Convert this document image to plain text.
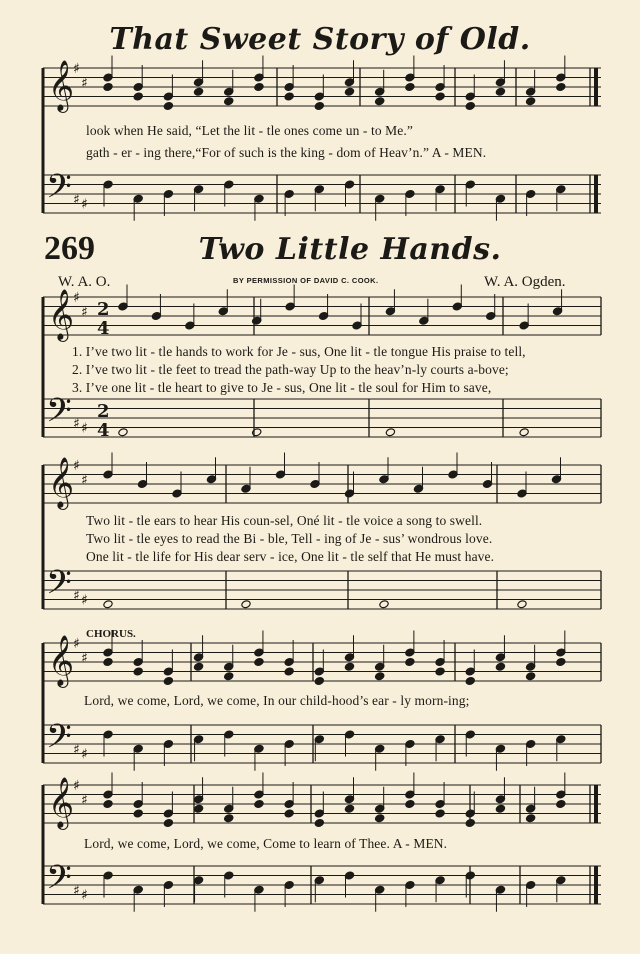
That Sweet Story of Old.
𝄞
𝄢
♯
♯
♯ ♯
𝄞
𝄢
♯
♯
♯ ♯
2
4
2
4
𝄞
𝄢
♯
♯
♯ ♯
𝄞
𝄢
♯
♯
♯ ♯
𝄞
𝄢
♯
♯
♯ ♯
look when He said, “Let the lit - tle ones come un - to Me.”
gath - er - ing there,“For of such is the king - dom of Heav’n.” A - MEN.
269	Two Little Hands.
W. A. O.	BY PERMISSION OF DAVID C. COOK.	W. A. Ogden.
1. I’ve two lit - tle hands to work for Je - sus, One lit - tle tongue His praise to tell,
2. I’ve two lit - tle feet to tread the path-way Up to the heav’n-ly courts a-bove;
3. I’ve one lit - tle heart to give to Je - sus, One lit - tle soul for Him to save,
Two lit - tle ears to hear His coun-sel, Oné lit - tle voice a song to swell.
Two lit - tle eyes to read the Bi - ble, Tell - ing of Je - sus’ wondrous love.
One lit - tle life for His dear serv - ice, One lit - tle self that He must have.
CHORUS.
Lord, we come, Lord, we come, In our child-hood’s ear - ly morn-ing;
Lord, we come, Lord, we come, Come to learn of Thee. A - MEN.
